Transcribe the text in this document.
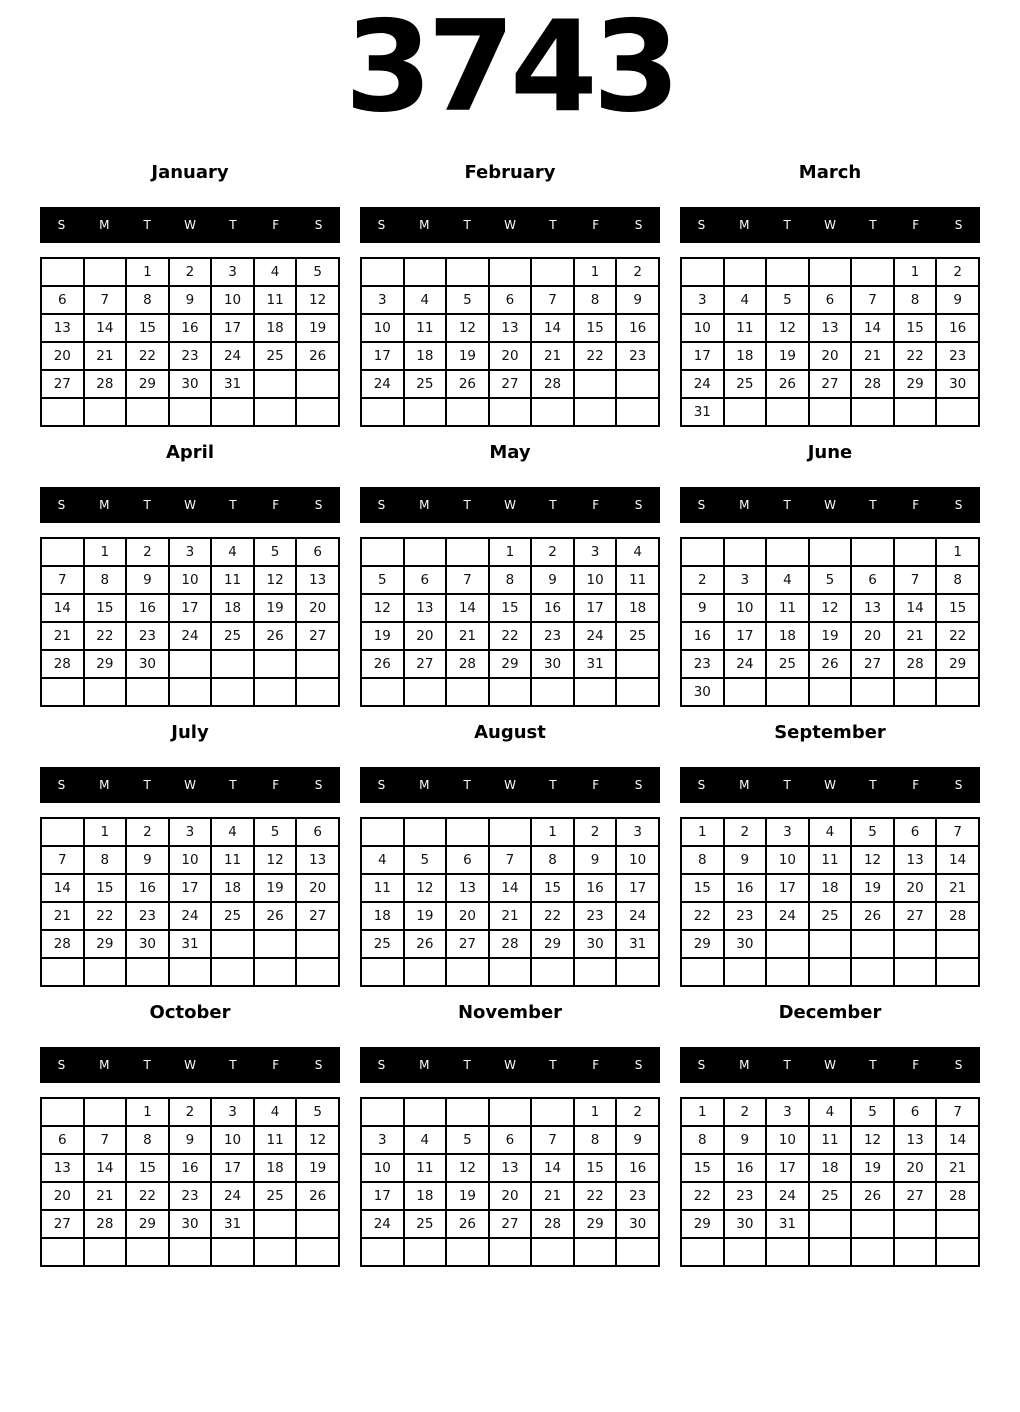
3743
January
S	M	T	W	T	F	S
		1	2	3	4	5
6	7	8	9	10	11	12
13	14	15	16	17	18	19
20	21	22	23	24	25	26
27	28	29	30	31		

February
S	M	T	W	T	F	S
					1	2
3	4	5	6	7	8	9
10	11	12	13	14	15	16
17	18	19	20	21	22	23
24	25	26	27	28		

March
S	M	T	W	T	F	S
					1	2
3	4	5	6	7	8	9
10	11	12	13	14	15	16
17	18	19	20	21	22	23
24	25	26	27	28	29	30
31						
April
S	M	T	W	T	F	S
	1	2	3	4	5	6
7	8	9	10	11	12	13
14	15	16	17	18	19	20
21	22	23	24	25	26	27
28	29	30				

May
S	M	T	W	T	F	S
			1	2	3	4
5	6	7	8	9	10	11
12	13	14	15	16	17	18
19	20	21	22	23	24	25
26	27	28	29	30	31	

June
S	M	T	W	T	F	S
						1
2	3	4	5	6	7	8
9	10	11	12	13	14	15
16	17	18	19	20	21	22
23	24	25	26	27	28	29
30						
July
S	M	T	W	T	F	S
	1	2	3	4	5	6
7	8	9	10	11	12	13
14	15	16	17	18	19	20
21	22	23	24	25	26	27
28	29	30	31			

August
S	M	T	W	T	F	S
				1	2	3
4	5	6	7	8	9	10
11	12	13	14	15	16	17
18	19	20	21	22	23	24
25	26	27	28	29	30	31

September
S	M	T	W	T	F	S
1	2	3	4	5	6	7
8	9	10	11	12	13	14
15	16	17	18	19	20	21
22	23	24	25	26	27	28
29	30					

October
S	M	T	W	T	F	S
		1	2	3	4	5
6	7	8	9	10	11	12
13	14	15	16	17	18	19
20	21	22	23	24	25	26
27	28	29	30	31		

November
S	M	T	W	T	F	S
					1	2
3	4	5	6	7	8	9
10	11	12	13	14	15	16
17	18	19	20	21	22	23
24	25	26	27	28	29	30

December
S	M	T	W	T	F	S
1	2	3	4	5	6	7
8	9	10	11	12	13	14
15	16	17	18	19	20	21
22	23	24	25	26	27	28
29	30	31				
